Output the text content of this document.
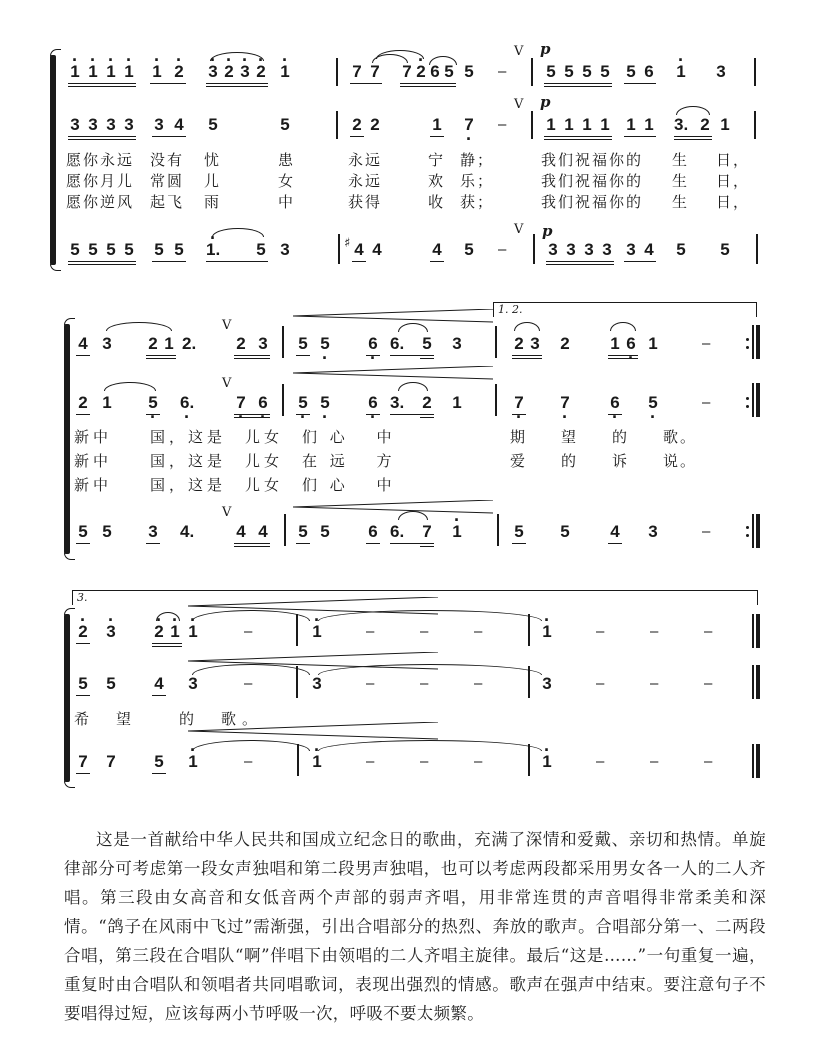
· 1 · 1 · 1 · 1 · 1 · 2 · 3 · 2 · 3 · 2 · 1	7 7 7 · 2 6 5 5 –
V p
5 5 5 5 5 6 · 1 3
3 3 3 3 3 4 5	5	2 2	1 7 · –
V p
1 1 1 1 1 1 3. 2 1
愿你永远 没有 忧	患	永远	宁 静；	我们祝福你的 生 日，
愿你月儿 常圆 儿	女	永远	欢 乐；	我们祝福你的 生 日，
愿你逆风 起飞 雨	中	获得	收 获；	我们祝福你的 生 日，
5 5 5 5 5 5 · 1. 5 3	♯ 4 4	4 5 –
V p
3 3 3 3 3 4 5 5
1. 2.
4 3 2 1 2.
V
2 3 5 5 · 6 · 6. 5 3	2 3 2 1 6 · 1	–
2 1 5 · 6. ·
V
7 · 6 · 5 · 5 · 6 · 3. 2 1	7 · 7 · 6 · 5 ·	–
新中　　国，这是　儿女　们 心　 中
新中　　国，这是　儿女　在 远　 方
新中　　国，这是　儿女　们 心　 中
期　　望　　的　　歌。
爱　　的　　诉　　说。
5 5 3 4.
V
4 4 5 5 6 6. 7 · 1	5 5 4 3	–
3.
· 2 · 3 · 2 · 1 · 1	–	· 1	–	–	–	· 1	–	–	–
5 5 4 3	–	3	–	–	–	3	–	–	–
希　望　　的　歌。
7 7 5 · 1	–	· 1	–	–	–	· 1	–	–	–

这是一首献给中华人民共和国成立纪念日的歌曲，充满了深情和爱戴、亲切和热情。单旋律部分可考虑第一段女声独唱和第二段男声独唱，也可以考虑两段都采用男女各一人的二人齐唱。第三段由女高音和女低音两个声部的弱声齐唱，用非常连贯的声音唱得非常柔美和深情。“鸽子在风雨中飞过”需渐强，引出合唱部分的热烈、奔放的歌声。合唱部分第一、二两段合唱，第三段在合唱队“啊”伴唱下由领唱的二人齐唱主旋律。最后“这是……”一句重复一遍，重复时由合唱队和领唱者共同唱歌词，表现出强烈的情感。歌声在强声中结束。要注意句子不要唱得过短，应该每两小节呼吸一次，呼吸不要太频繁。
